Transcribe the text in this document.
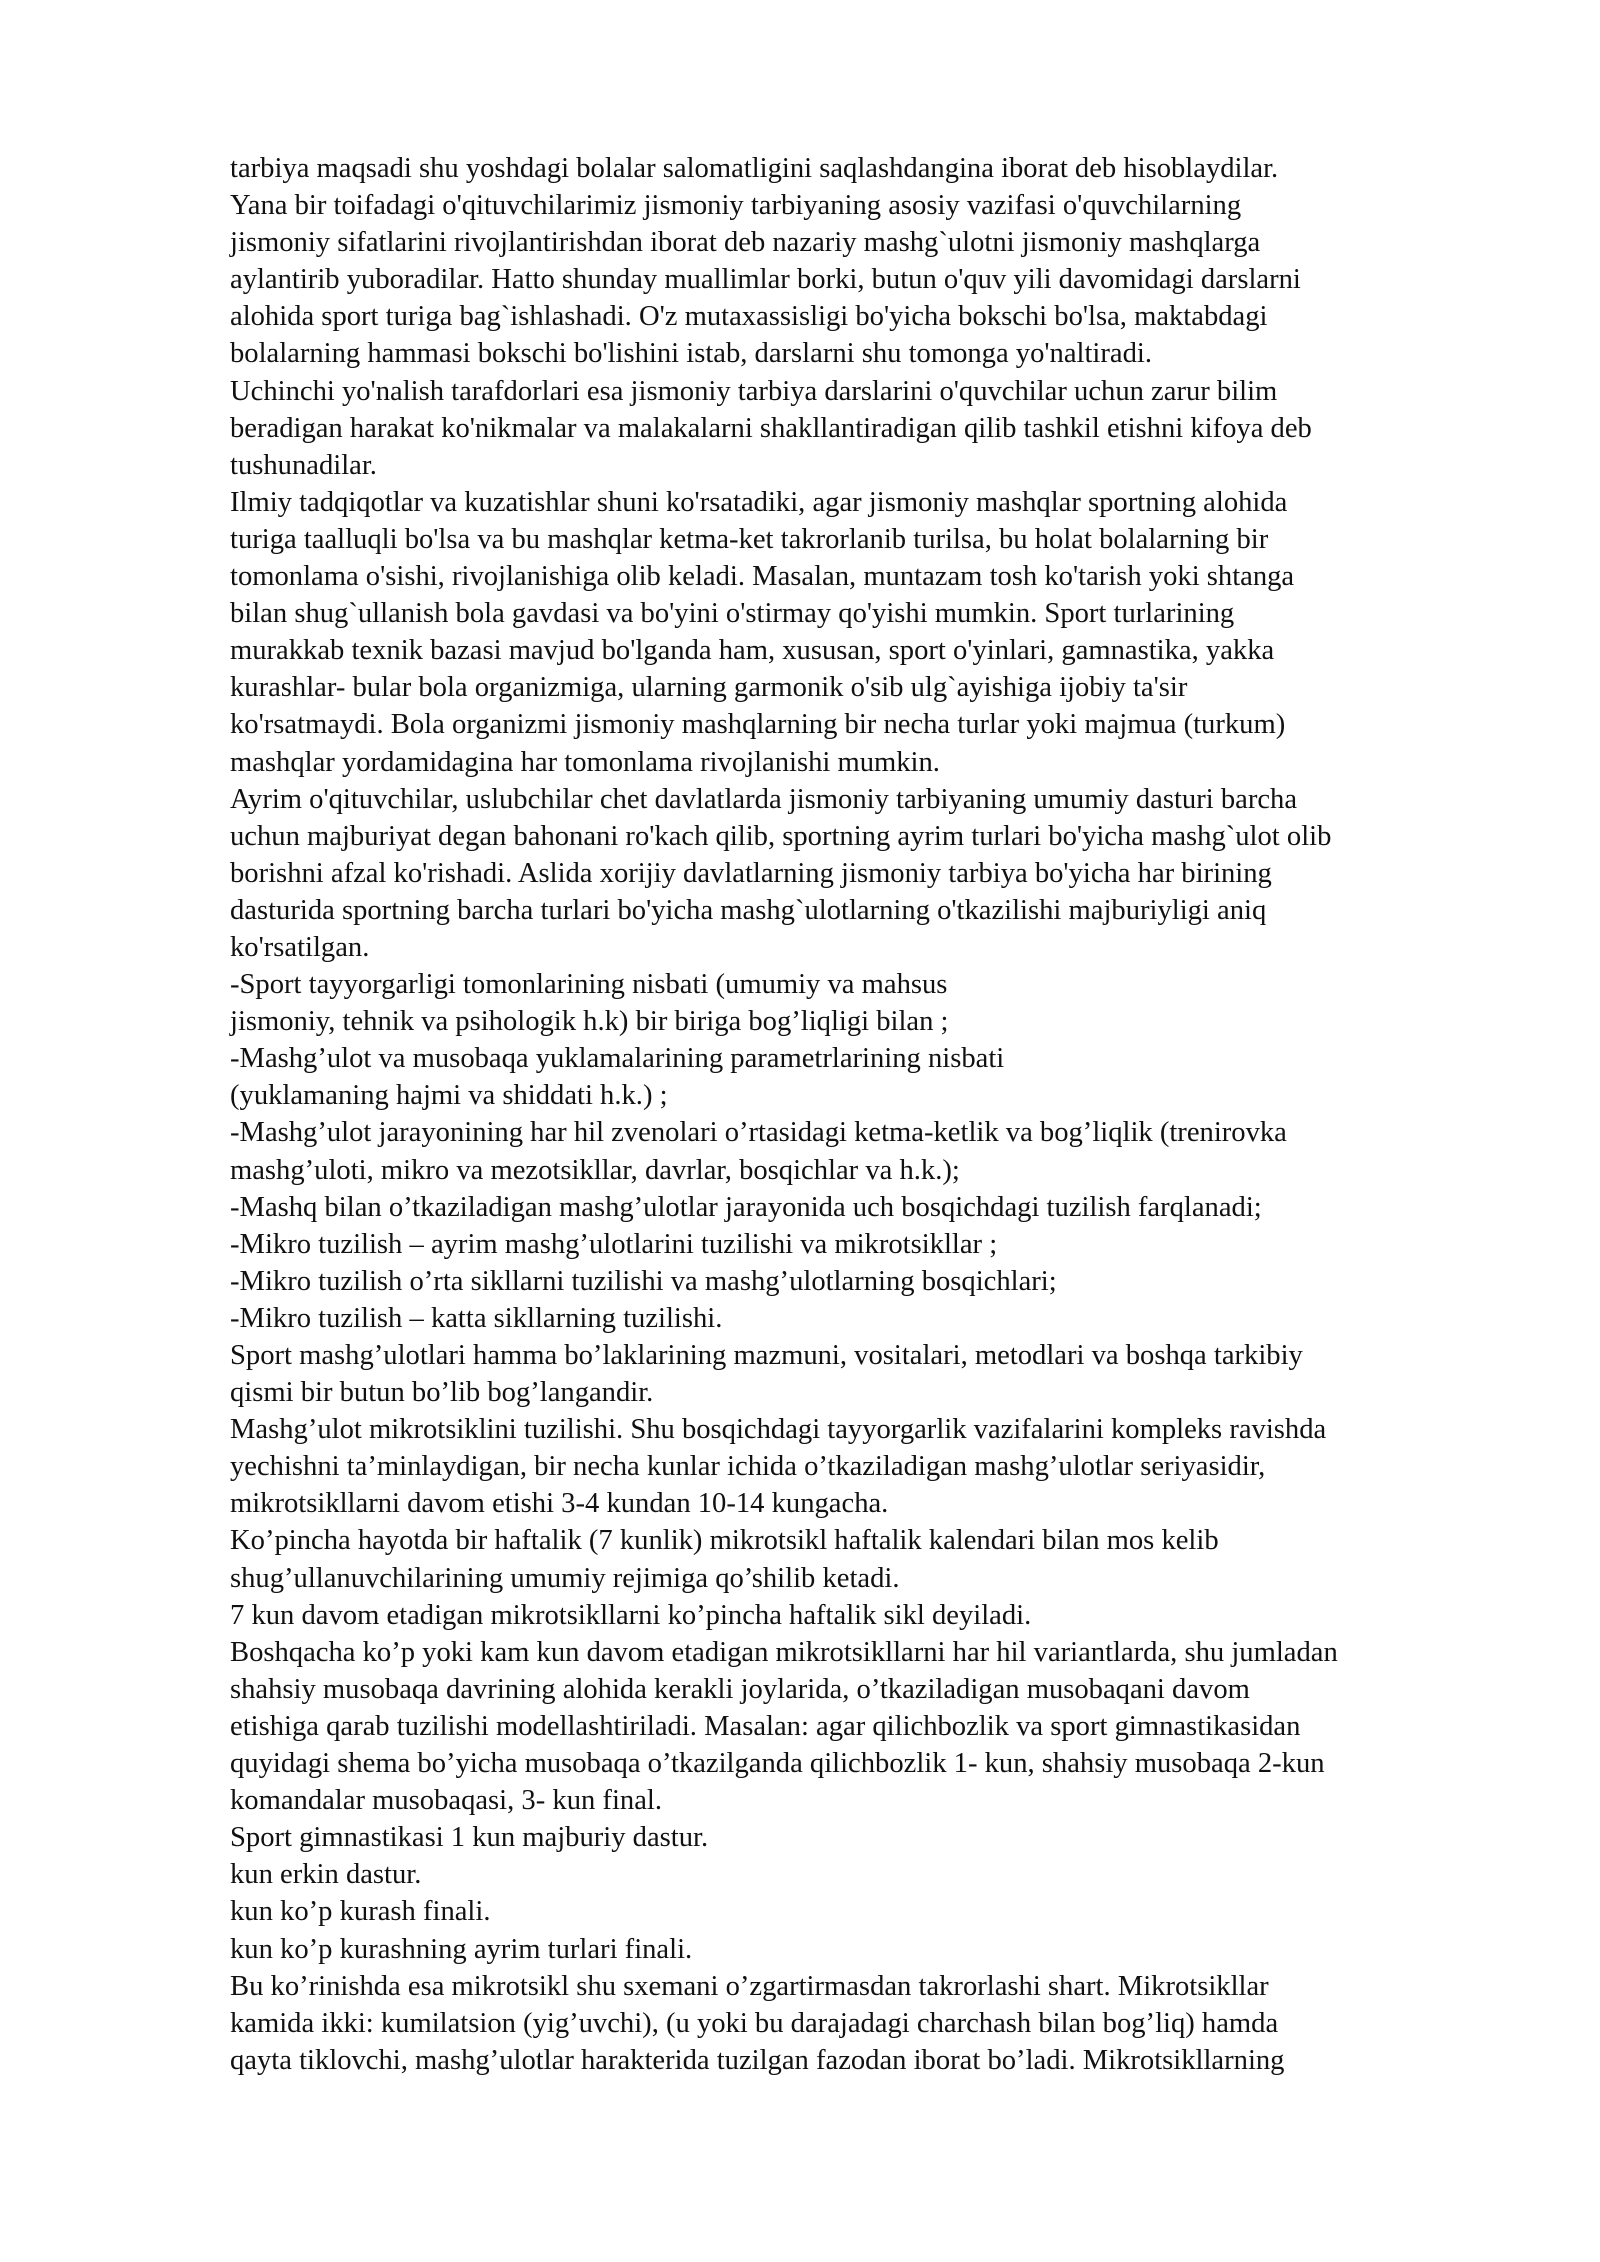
tarbiya maqsadi shu yoshdagi bolalar salomatligini saqlashdangina iborat deb hisoblaydilar.
Yana bir toifadagi o'qituvchilarimiz jismoniy tarbiyaning asosiy vazifasi o'quvchilarning
jismoniy sifatlarini rivojlantirishdan iborat deb nazariy mashg`ulotni jismoniy mashqlarga
aylantirib yuboradilar. Hatto shunday muallimlar borki, butun o'quv yili davomidagi darslarni
alohida sport turiga bag`ishlashadi. O'z mutaxassisligi bo'yicha bokschi bo'lsa, maktabdagi
bolalarning hammasi bokschi bo'lishini istab, darslarni shu tomonga yo'naltiradi.
Uchinchi yo'nalish tarafdorlari esa jismoniy tarbiya darslarini o'quvchilar uchun zarur bilim
beradigan harakat ko'nikmalar va malakalarni shakllantiradigan qilib tashkil etishni kifoya deb
tushunadilar.
Ilmiy tadqiqotlar va kuzatishlar shuni ko'rsatadiki, agar jismoniy mashqlar sportning alohida
turiga taalluqli bo'lsa va bu mashqlar ketma-ket takrorlanib turilsa, bu holat bolalarning bir
tomonlama o'sishi, rivojlanishiga olib keladi. Masalan, muntazam tosh ko'tarish yoki shtanga
bilan shug`ullanish bola gavdasi va bo'yini o'stirmay qo'yishi mumkin. Sport turlarining
murakkab texnik bazasi mavjud bo'lganda ham, xususan, sport o'yinlari, gamnastika, yakka
kurashlar- bular bola organizmiga, ularning garmonik o'sib ulg`ayishiga ijobiy ta'sir
ko'rsatmaydi. Bola organizmi jismoniy mashqlarning bir necha turlar yoki majmua (turkum)
mashqlar yordamidagina har tomonlama rivojlanishi mumkin.
Ayrim o'qituvchilar, uslubchilar chet davlatlarda jismoniy tarbiyaning umumiy dasturi barcha
uchun majburiyat degan bahonani ro'kach qilib, sportning ayrim turlari bo'yicha mashg`ulot olib
borishni afzal ko'rishadi. Aslida xorijiy davlatlarning jismoniy tarbiya bo'yicha har birining
dasturida sportning barcha turlari bo'yicha mashg`ulotlarning o'tkazilishi majburiyligi aniq
ko'rsatilgan.
-Sport tayyorgarligi tomonlarining nisbati (umumiy va mahsus
jismoniy, tehnik va psihologik h.k) bir biriga bog’liqligi bilan ;
-Mashg’ulot va musobaqa yuklamalarining parametrlarining nisbati
(yuklamaning hajmi va shiddati h.k.) ;
-Mashg’ulot jarayonining har hil zvenolari o’rtasidagi ketma-ketlik va bog’liqlik (trenirovka
mashg’uloti, mikro va mezotsikllar, davrlar, bosqichlar va h.k.);
-Mashq bilan o’tkaziladigan mashg’ulotlar jarayonida uch bosqichdagi tuzilish farqlanadi;
-Mikro tuzilish – ayrim mashg’ulotlarini tuzilishi va mikrotsikllar ;
-Mikro tuzilish o’rta sikllarni tuzilishi va mashg’ulotlarning bosqichlari;
-Mikro tuzilish – katta sikllarning tuzilishi.
Sport mashg’ulotlari hamma bo’laklarining mazmuni, vositalari, metodlari va boshqa tarkibiy
qismi bir butun bo’lib bog’langandir.
Mashg’ulot mikrotsiklini tuzilishi. Shu bosqichdagi tayyorgarlik vazifalarini kompleks ravishda
yechishni ta’minlaydigan, bir necha kunlar ichida o’tkaziladigan mashg’ulotlar seriyasidir,
mikrotsikllarni davom etishi 3-4 kundan 10-14 kungacha.
Ko’pincha hayotda bir haftalik (7 kunlik) mikrotsikl haftalik kalendari bilan mos kelib
shug’ullanuvchilarining umumiy rejimiga qo’shilib ketadi.
7 kun davom etadigan mikrotsikllarni ko’pincha haftalik sikl deyiladi.
Boshqacha ko’p yoki kam kun davom etadigan mikrotsikllarni har hil variantlarda, shu jumladan
shahsiy musobaqa davrining alohida kerakli joylarida, o’tkaziladigan musobaqani davom
etishiga qarab tuzilishi modellashtiriladi. Masalan: agar qilichbozlik va sport gimnastikasidan
quyidagi shema bo’yicha musobaqa o’tkazilganda qilichbozlik 1- kun, shahsiy musobaqa 2-kun
komandalar musobaqasi, 3- kun final.
Sport gimnastikasi 1 kun majburiy dastur.
kun erkin dastur.
kun ko’p kurash finali.
kun ko’p kurashning ayrim turlari finali.
Bu ko’rinishda esa mikrotsikl shu sxemani o’zgartirmasdan takrorlashi shart. Mikrotsikllar
kamida ikki: kumilatsion (yig’uvchi), (u yoki bu darajadagi charchash bilan bog’liq) hamda
qayta tiklovchi, mashg’ulotlar harakterida tuzilgan fazodan iborat bo’ladi. Mikrotsikllarning
